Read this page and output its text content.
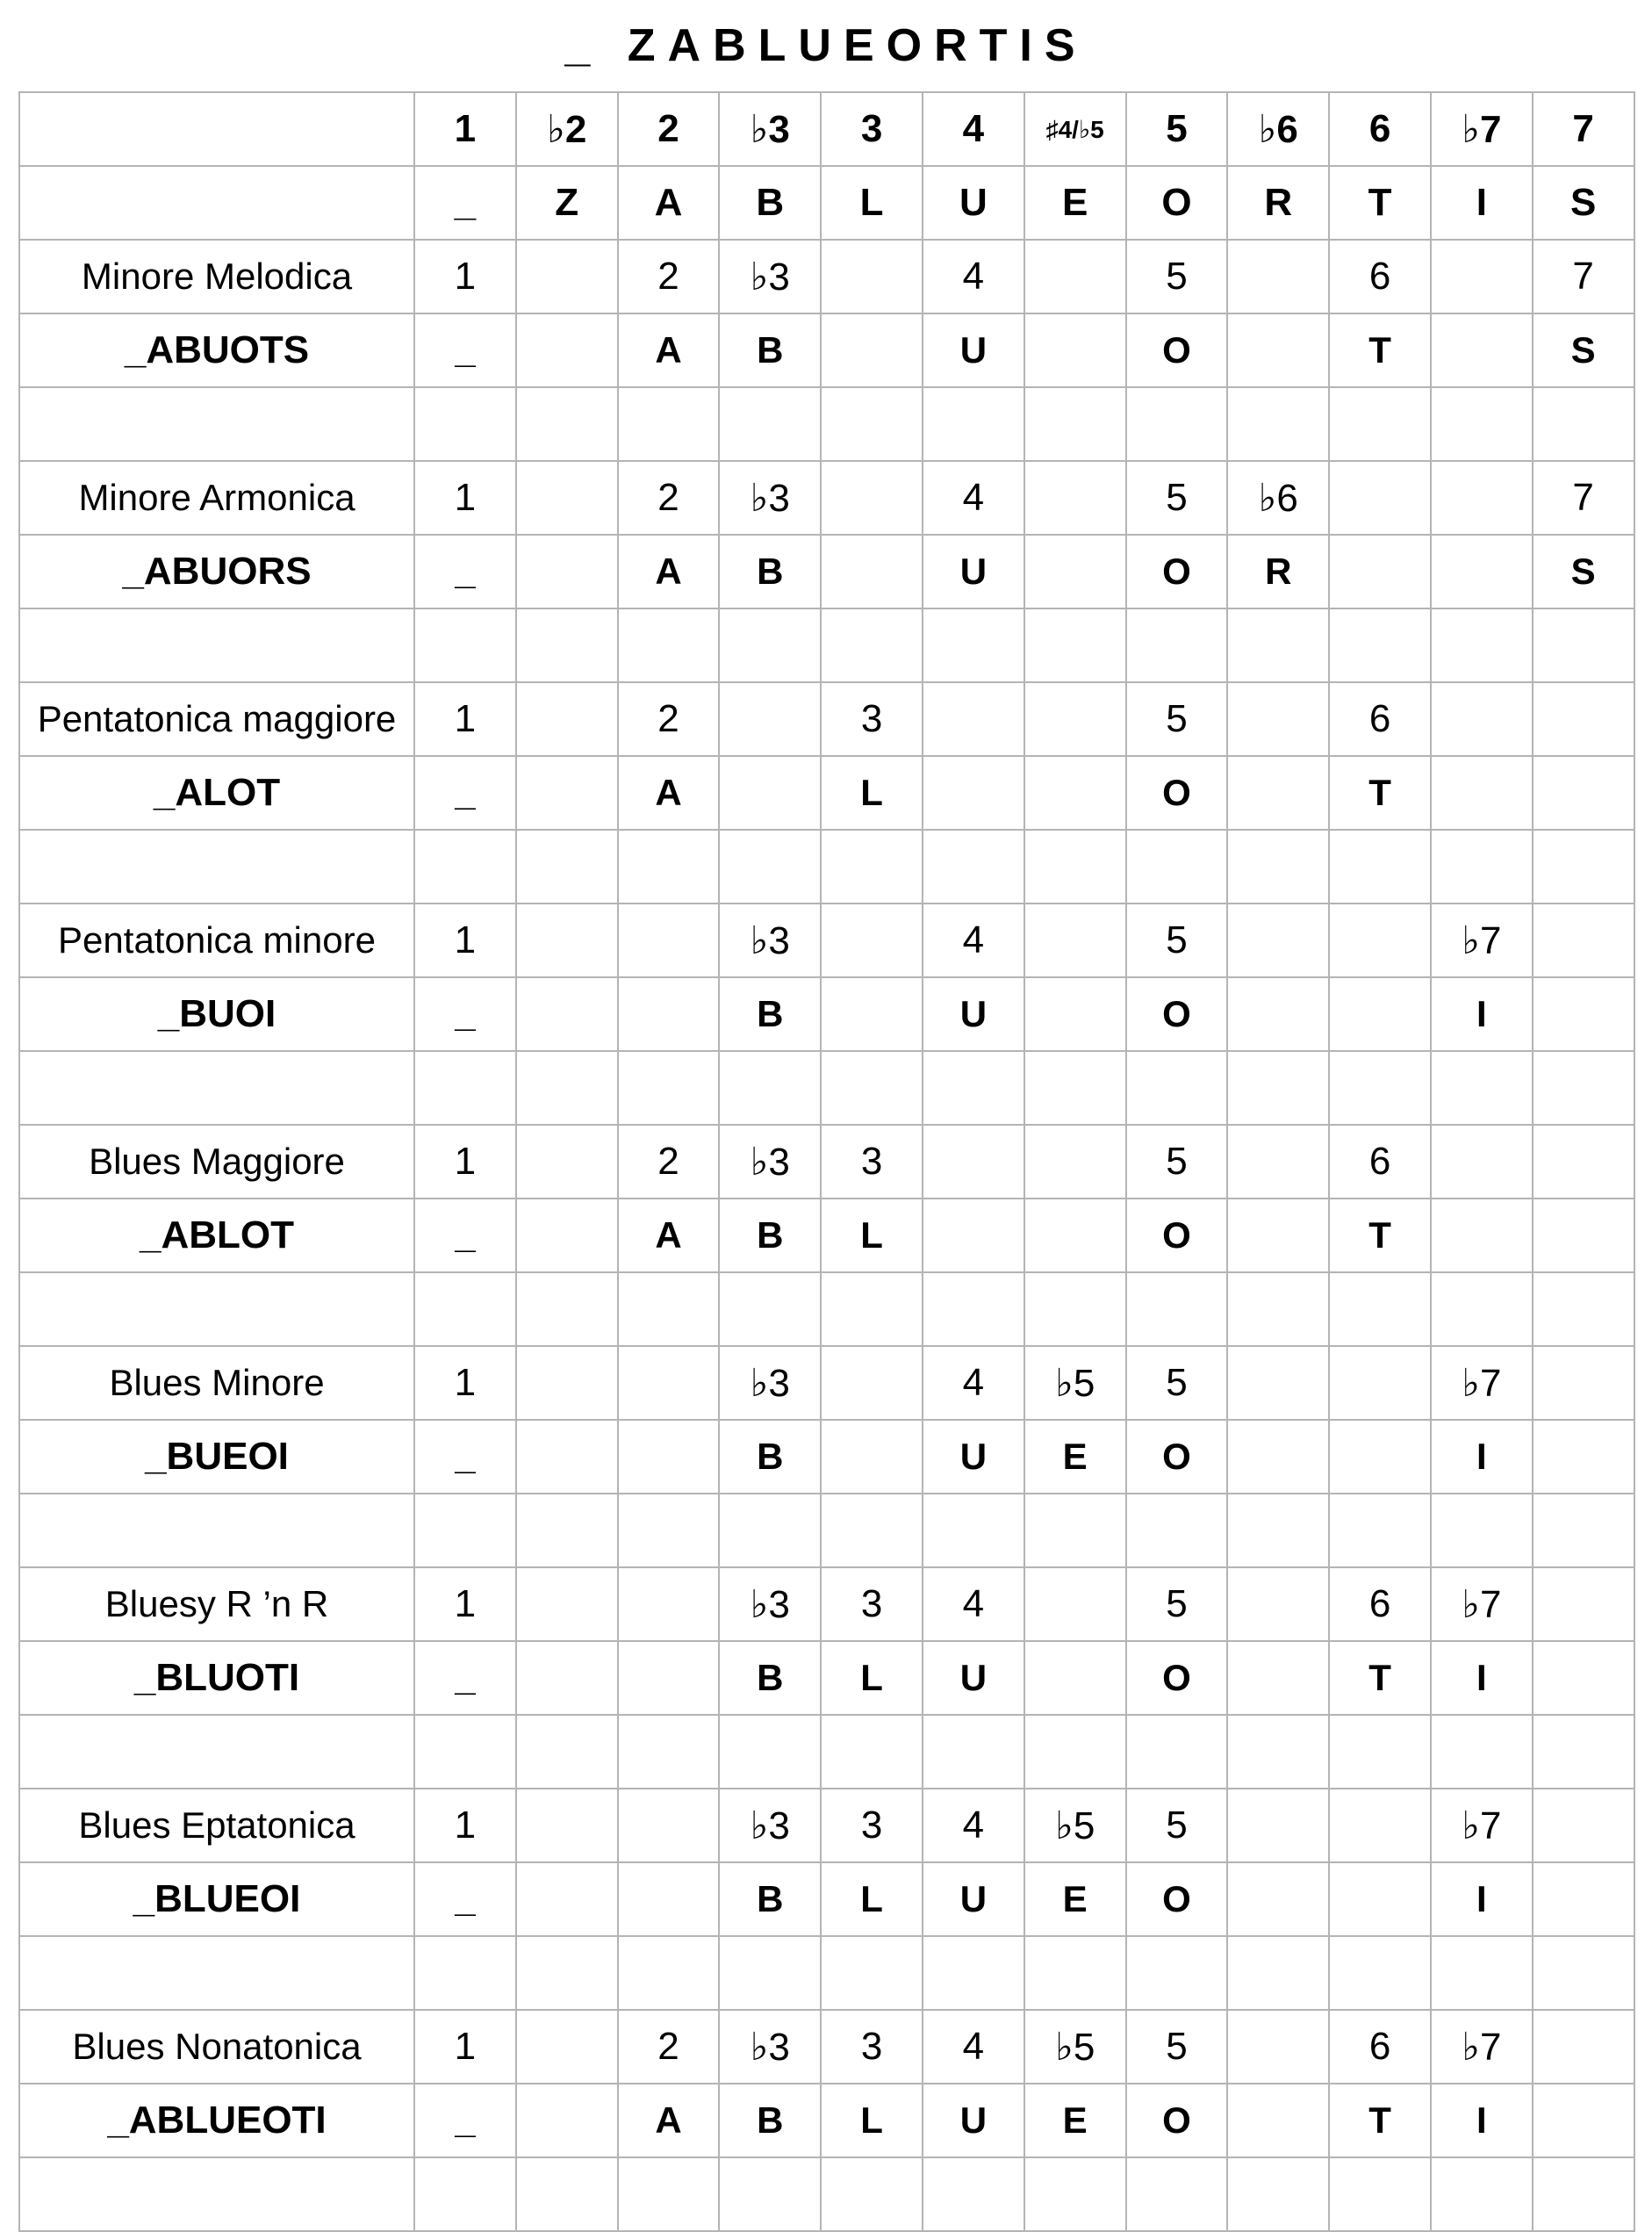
_ ZABLUEORTIS
	1	♭2	2	♭3	3	4	♯4/♭5	5	♭6	6	♭7	7
	_	Z	A	B	L	U	E	O	R	T	I	S
Minore Melodica	1		2	♭3		4		5		6		7
_ABUOTS	_		A	B		U		O		T		S

Minore Armonica	1		2	♭3		4		5	♭6			7
_ABUORS	_		A	B		U		O	R			S

Pentatonica maggiore	1		2		3			5		6		
_ALOT	_		A		L			O		T		

Pentatonica minore	1			♭3		4		5			♭7	
_BUOI	_			B		U		O			I	

Blues Maggiore	1		2	♭3	3			5		6		
_ABLOT	_		A	B	L			O		T		

Blues Minore	1			♭3		4	♭5	5			♭7	
_BUEOI	_			B		U	E	O			I	

Bluesy R ’n R	1			♭3	3	4		5		6	♭7	
_BLUOTI	_			B	L	U		O		T	I	

Blues Eptatonica	1			♭3	3	4	♭5	5			♭7	
_BLUEOI	_			B	L	U	E	O			I	

Blues Nonatonica	1		2	♭3	3	4	♭5	5		6	♭7	
_ABLUEOTI	_		A	B	L	U	E	O		T	I	
